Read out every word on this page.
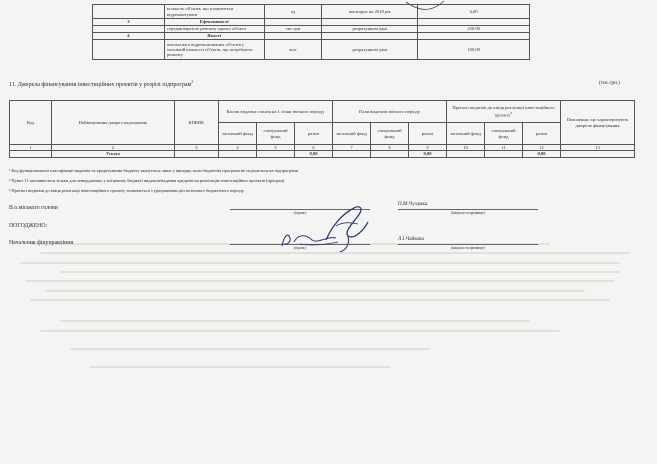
	кількість об'єктів, що плануються відремонтувати	од	кошторис на 2018 рік	6,00
3	Ефективності			
	середня вартість ремонту одного об'єкта	тис.грн	розрахункові дані	250,90
4	Якості			
	питома вага відремонтованих об'єктів у загальній кількості об'єктів, що потребують ремонту	млс	розрахункові дані	100,00
11. Джерела фінансування інвестиційних проектів у розрізі підпрограм$^2$	(тис.грн.)
Код	Найменування джерел надходжень	КПКВК	Касові видатки станом на 1 січня звітного періоду			План видатків звітного періоду			Прогноз видатків до кінця реалізації інвестиційного проекту$^3$			Пояснення, що характеризують джерела фінансування
			загальний фонд	спеціальний фонд	разом	загальний фонд	спеціальний фонд	разом	загальний фонд	спеціальний фонд	разом	
1	2	3	4	5	6	7	8	9	10	11	12	13
	Усього				0,00			0,00			0,00	
¹ Код функціональної класифікації видатків та кредитування бюджету вказується лише у випадку, коли бюджетна програма не поділяється на підпрограми
² Пункт 11 заповнюється тільки для затверджених у місцевому бюджеті видатків/надання кредитів на реалізацію інвестиційних проектів (програм)
³ Прогноз видатків до кінця реалізації інвестиційного проекту зазначається з урахуванням цін поточного бюджетного періоду
В.о.міського голови
(підпис)
П.М.Чухрака
(ініціали та прізвище)
ПОГОДЖЕНО:
Начальник фінуправління
(підпис)
Л.І.Чайкова
(ініціали та прізвище)
